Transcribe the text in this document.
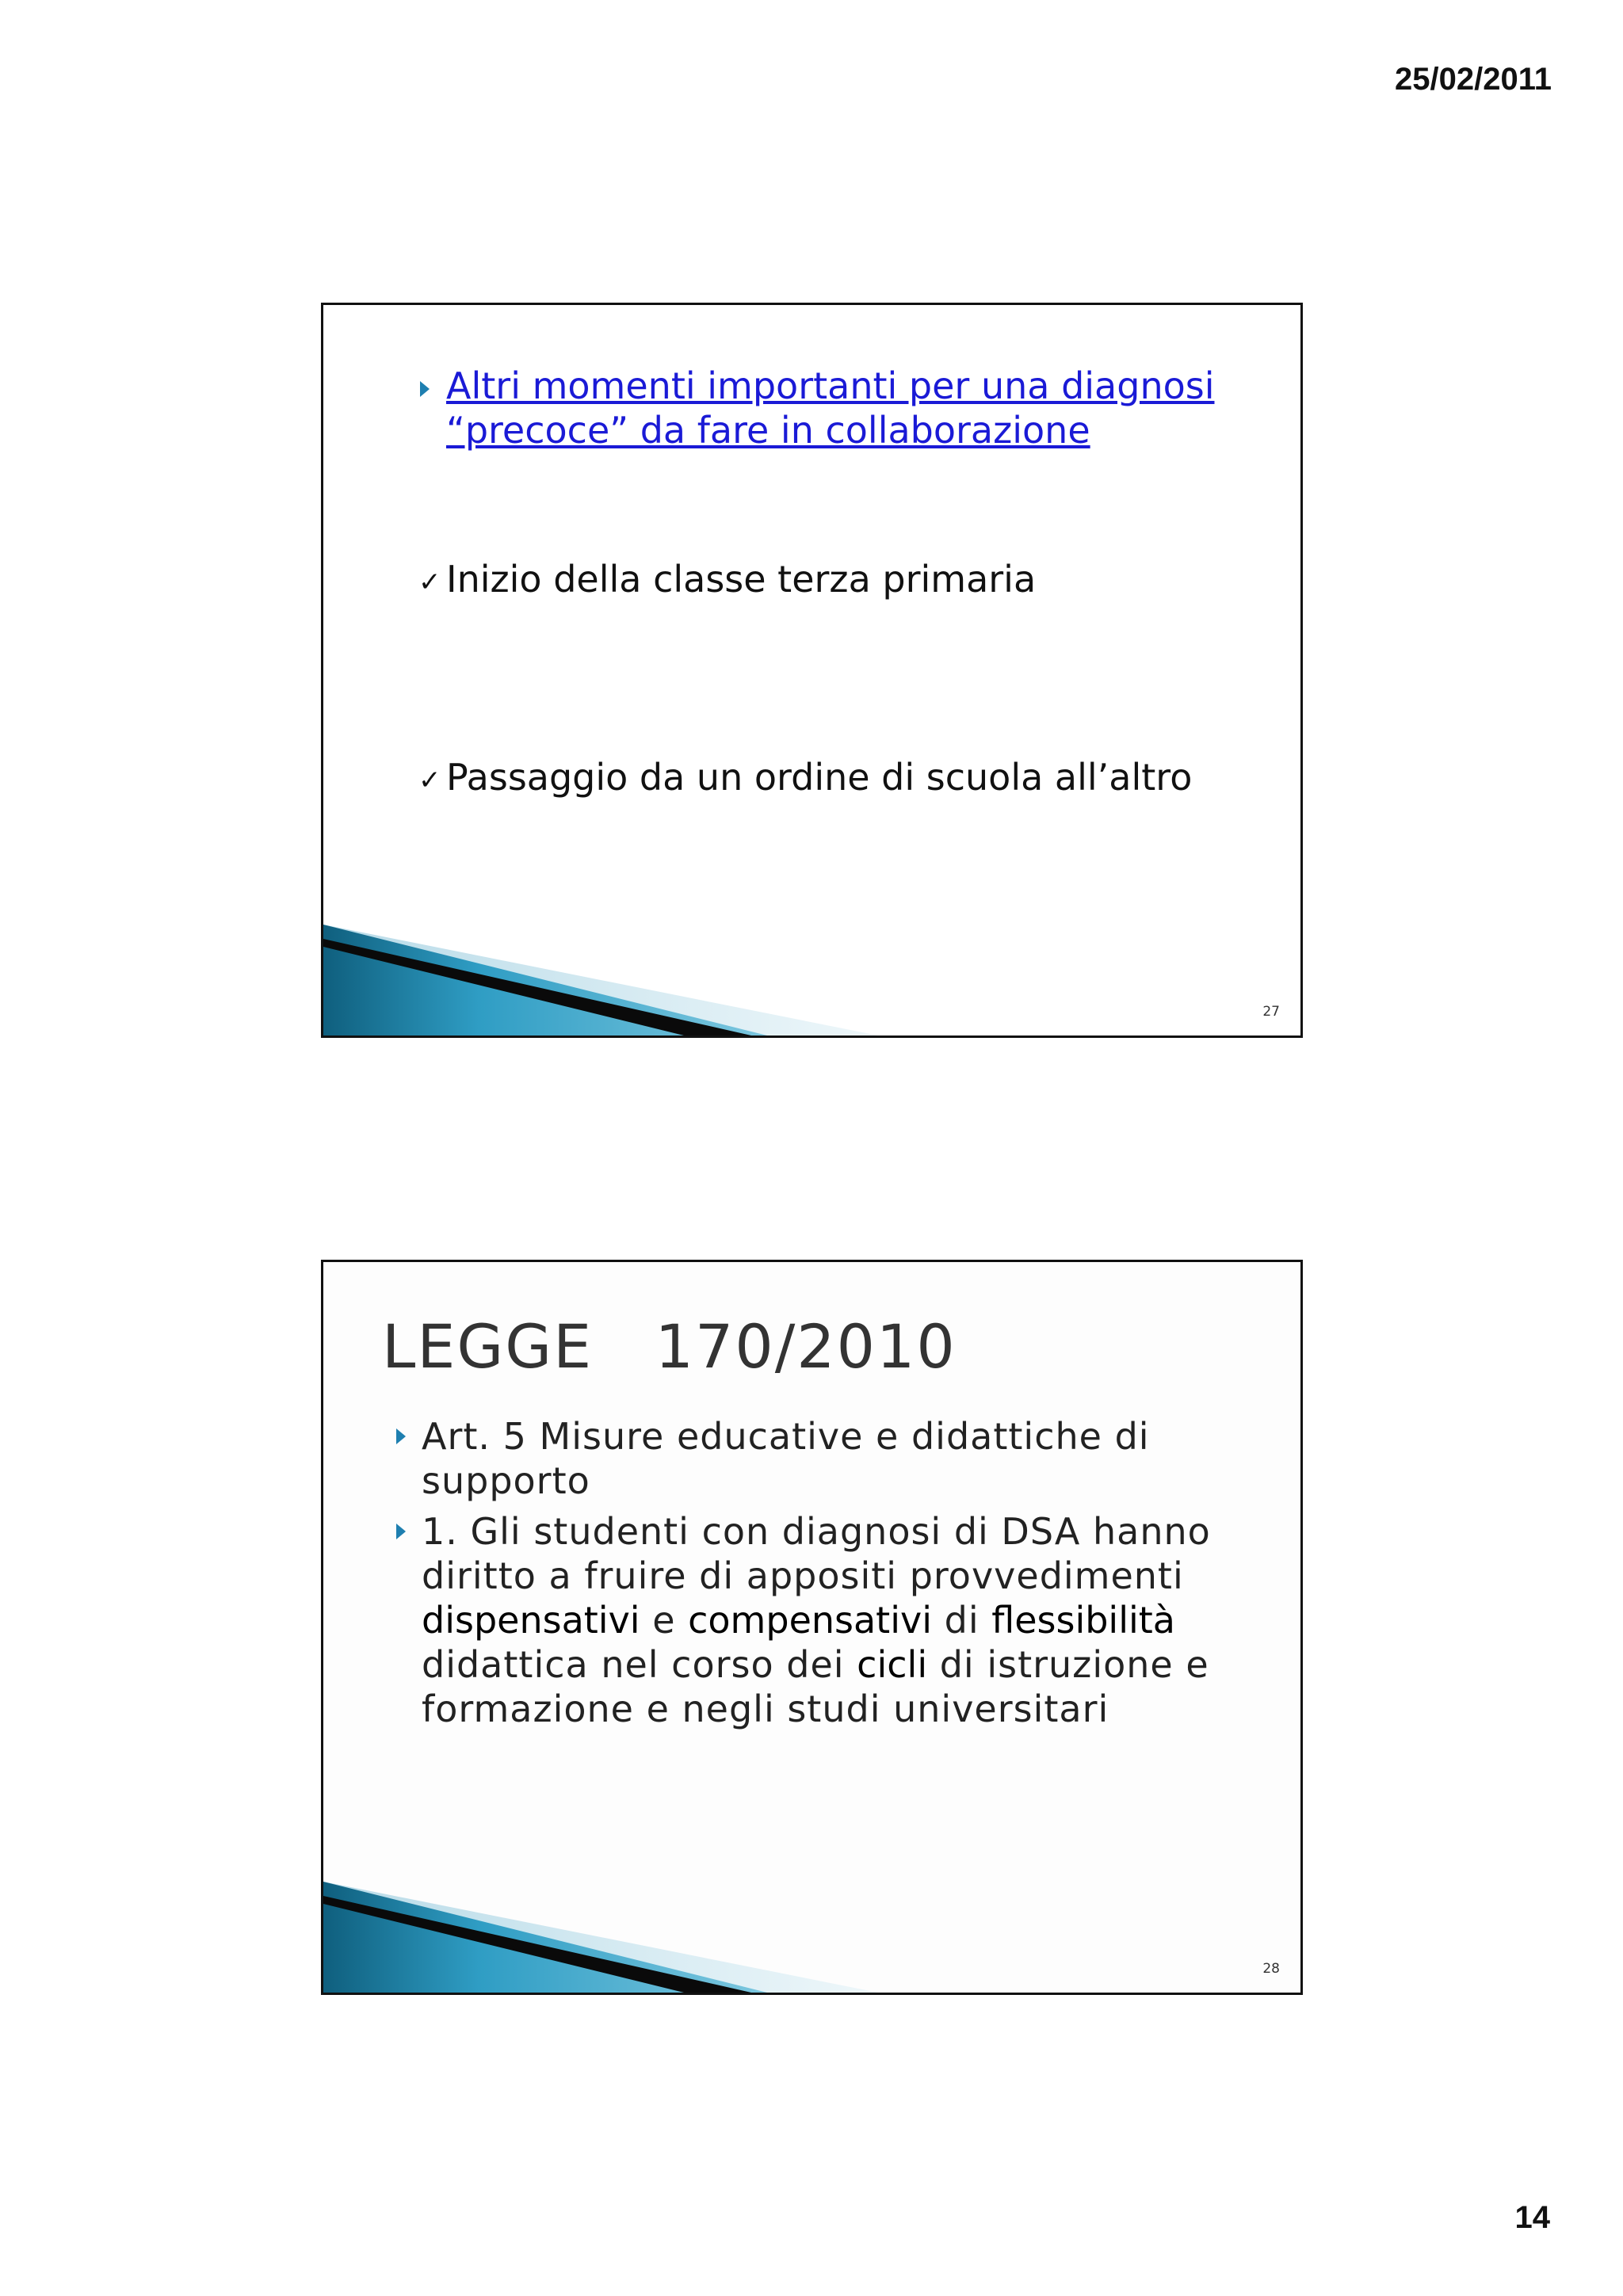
25/02/2011
Altri momenti importanti per una diagnosi “precoce” da fare in collaborazione
✓ Inizio della classe terza primaria
✓ Passaggio da un ordine di scuola all’altro
27
LEGGE   170/2010
Art. 5 Misure educative e didattiche di supporto
1. Gli studenti con diagnosi di DSA hanno diritto a fruire di appositi provvedimenti dispensativi e compensativi di flessibilità didattica nel corso dei cicli di istruzione e formazione e negli studi universitari
28
14
